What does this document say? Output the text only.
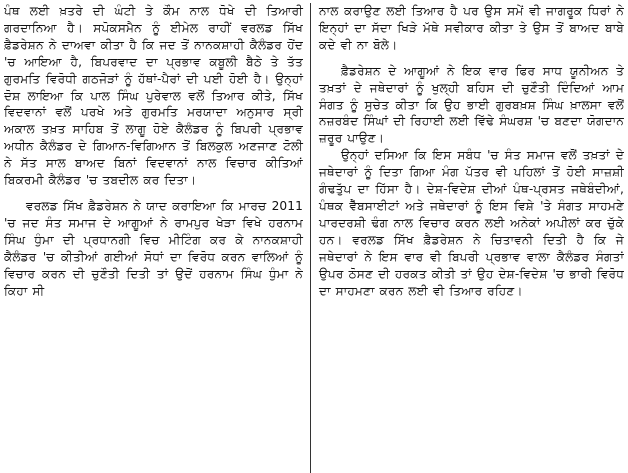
ਪੰਥ ਲਈ ਖ਼ਤਰੇ ਦੀ ਘੰਟੀ ਤੇ ਕੌਮ ਨਾਲ ਧੋਖੇ ਦੀ ਤਿਆਰੀ ਗਰਦਾਨਿਆ ਹੈ। ਸਪੋਕਸਮੈਨ ਨੂੰ ਈਮੇਲ ਰਾਹੀਂ ਵਰਲਡ ਸਿੱਖ ਫ਼ੈਡਰੇਸ਼ਨ ਨੇ ਦਾਅਵਾ ਕੀਤਾ ਹੈ ਕਿ ਜਦ ਤੋਂ ਨਾਨਕਸ਼ਾਹੀ ਕੈਲੰਡਰ ਹੋਂਦ 'ਚ ਆਇਆ ਹੈ, ਬਿਪਰਵਾਦ ਦਾ ਪ੍ਰਭਾਵ ਕਬੂਲੀ ਬੈਠੇ ਤੇ ਤੱਤ ਗੁਰਮਤਿ ਵਿਰੋਧੀ ਗਠਜੋੜਾਂ ਨੂੰ ਹੱਥਾਂ-ਪੈਰਾਂ ਦੀ ਪਈ ਹੋਈ ਹੈ। ਉਨ੍ਹਾਂ ਦੋਸ਼ ਲਾਇਆ ਕਿ ਪਾਲ ਸਿੰਘ ਪੁਰੇਵਾਲ ਵਲੋਂ ਤਿਆਰ ਕੀਤੇ, ਸਿੱਖ ਵਿਦਵਾਨਾਂ ਵਲੋਂ ਪਰਖੇ ਅਤੇ ਗੁਰਮਤਿ ਮਰਯਾਦਾ ਅਨੁਸਾਰ ਸ੍ਰੀ ਅਕਾਲ ਤਖ਼ਤ ਸਾਹਿਬ ਤੋਂ ਲਾਗੂ ਹੋਏ ਕੈਲੰਡਰ ਨੂੰ ਬਿਪਰੀ ਪ੍ਰਭਾਵ ਅਧੀਨ ਕੈਲੰਡਰ ਦੇ ਗਿਆਨ-ਵਿਗਿਆਨ ਤੋਂ ਬਿਲਕੁਲ ਅਣਜਾਣ ਟੋਲੀ ਨੇ ਸੱਤ ਸਾਲ ਬਾਅਦ ਬਿਨਾਂ ਵਿਦਵਾਨਾਂ ਨਾਲ ਵਿਚਾਰ ਕੀਤਿਆਂ ਬਿਕਰਮੀ ਕੈਲੰਡਰ 'ਚ ਤਬਦੀਲ ਕਰ ਦਿਤਾ।

ਵਰਲਡ ਸਿੱਖ ਫ਼ੈਡਰੇਸ਼ਨ ਨੇ ਯਾਦ ਕਰਾਇਆ ਕਿ ਮਾਰਚ 2011 'ਚ ਜਦ ਸੰਤ ਸਮਾਜ ਦੇ ਆਗੂਆਂ ਨੇ ਰਾਮਪੁਰ ਖੇੜਾ ਵਿਖੇ ਹਰਨਾਮ ਸਿੰਘ ਧੁੰਮਾ ਦੀ ਪ੍ਰਧਾਨਗੀ ਵਿਚ ਮੀਟਿੰਗ ਕਰ ਕੇ ਨਾਨਕਸ਼ਾਹੀ ਕੈਲੰਡਰ 'ਚ ਕੀਤੀਆਂ ਗਈਆਂ ਸੋਧਾਂ ਦਾ ਵਿਰੋਧ ਕਰਨ ਵਾਲਿਆਂ ਨੂੰ ਵਿਚਾਰ ਕਰਨ ਦੀ ਚੁਣੌਤੀ ਦਿਤੀ ਤਾਂ ਉਦੋਂ ਹਰਨਾਮ ਸਿੰਘ ਧੁੰਮਾ ਨੇ ਕਿਹਾ ਸੀ

ਨਾਲ ਕਰਾਉਣ ਲਈ ਤਿਆਰ ਹੈ ਪਰ ਉਸ ਸਮੇਂ ਵੀ ਜਾਗਰੂਕ ਧਿਰਾਂ ਨੇ ਇਨ੍ਹਾਂ ਦਾ ਸੱਦਾ ਖਿੜੇ ਮੱਥੇ ਸਵੀਕਾਰ ਕੀਤਾ ਤੇ ਉਸ ਤੋਂ ਬਾਅਦ ਬਾਬੇ ਕਦੇ ਵੀ ਨਾ ਬੋਲੇ।

ਫ਼ੈਡਰੇਸ਼ਨ ਦੇ ਆਗੂਆਂ ਨੇ ਇਕ ਵਾਰ ਫਿਰ ਸਾਧ ਯੂਨੀਅਨ ਤੇ ਤਖ਼ਤਾਂ ਦੇ ਜਥੇਦਾਰਾਂ ਨੂੰ ਖੁਲ੍ਹੀ ਬਹਿਸ ਦੀ ਚੁਣੌਤੀ ਦਿੰਦਿਆਂ ਆਮ ਸੰਗਤ ਨੂੰ ਸੁਚੇਤ ਕੀਤਾ ਕਿ ਉਹ ਭਾਈ ਗੁਰਬਖ਼ਸ਼ ਸਿੰਘ ਖ਼ਾਲਸਾ ਵਲੋਂ ਨਜ਼ਰਬੰਦ ਸਿੰਘਾਂ ਦੀ ਰਿਹਾਈ ਲਈ ਵਿੱਢੇ ਸੰਘਰਸ਼ 'ਚ ਬਣਦਾ ਯੋਗਦਾਨ ਜ਼ਰੂਰ ਪਾਉਣ।

ਉਨ੍ਹਾਂ ਦਸਿਆ ਕਿ ਇਸ ਸਬੰਧ 'ਚ ਸੰਤ ਸਮਾਜ ਵਲੋਂ ਤਖ਼ਤਾਂ ਦੇ ਜਥੇਦਾਰਾਂ ਨੂੰ ਦਿਤਾ ਗਿਆ ਮੰਗ ਪੱਤਰ ਵੀ ਪਹਿਲਾਂ ਤੋਂ ਹੋਈ ਸਾਜ਼ਸ਼ੀ ਗੰਢਤੁੱਪ ਦਾ ਹਿੱਸਾ ਹੈ। ਦੇਸ਼-ਵਿਦੇਸ਼ ਦੀਆਂ ਪੰਥ-ਪ੍ਰਸਤ ਜਥੇਬੰਦੀਆਂ, ਪੰਥਕ ਵੈੱਬਸਾਈਟਾਂ ਅਤੇ ਜਥੇਦਾਰਾਂ ਨੂੰ ਇਸ ਵਿਸ਼ੇ 'ਤੇ ਸੰਗਤ ਸਾਹਮਣੇ ਪਾਰਦਰਸ਼ੀ ਢੰਗ ਨਾਲ ਵਿਚਾਰ ਕਰਨ ਲਈ ਅਨੇਕਾਂ ਅਪੀਲਾਂ ਕਰ ਚੁੱਕੇ ਹਨ। ਵਰਲਡ ਸਿੱਖ ਫ਼ੈਡਰੇਸ਼ਨ ਨੇ ਚਿਤਾਵਨੀ ਦਿਤੀ ਹੈ ਕਿ ਜੇ ਜਥੇਦਾਰਾਂ ਨੇ ਇਸ ਵਾਰ ਵੀ ਬਿਪਰੀ ਪ੍ਰਭਾਵ ਵਾਲਾ ਕੈਲੰਡਰ ਸੰਗਤਾਂ ਉਪਰ ਠੋਸਣ ਦੀ ਹਰਕਤ ਕੀਤੀ ਤਾਂ ਉਹ ਦੇਸ਼-ਵਿਦੇਸ਼ 'ਚ ਭਾਰੀ ਵਿਰੋਧ ਦਾ ਸਾਹਮਣਾ ਕਰਨ ਲਈ ਵੀ ਤਿਆਰ ਰਹਿਣ।
